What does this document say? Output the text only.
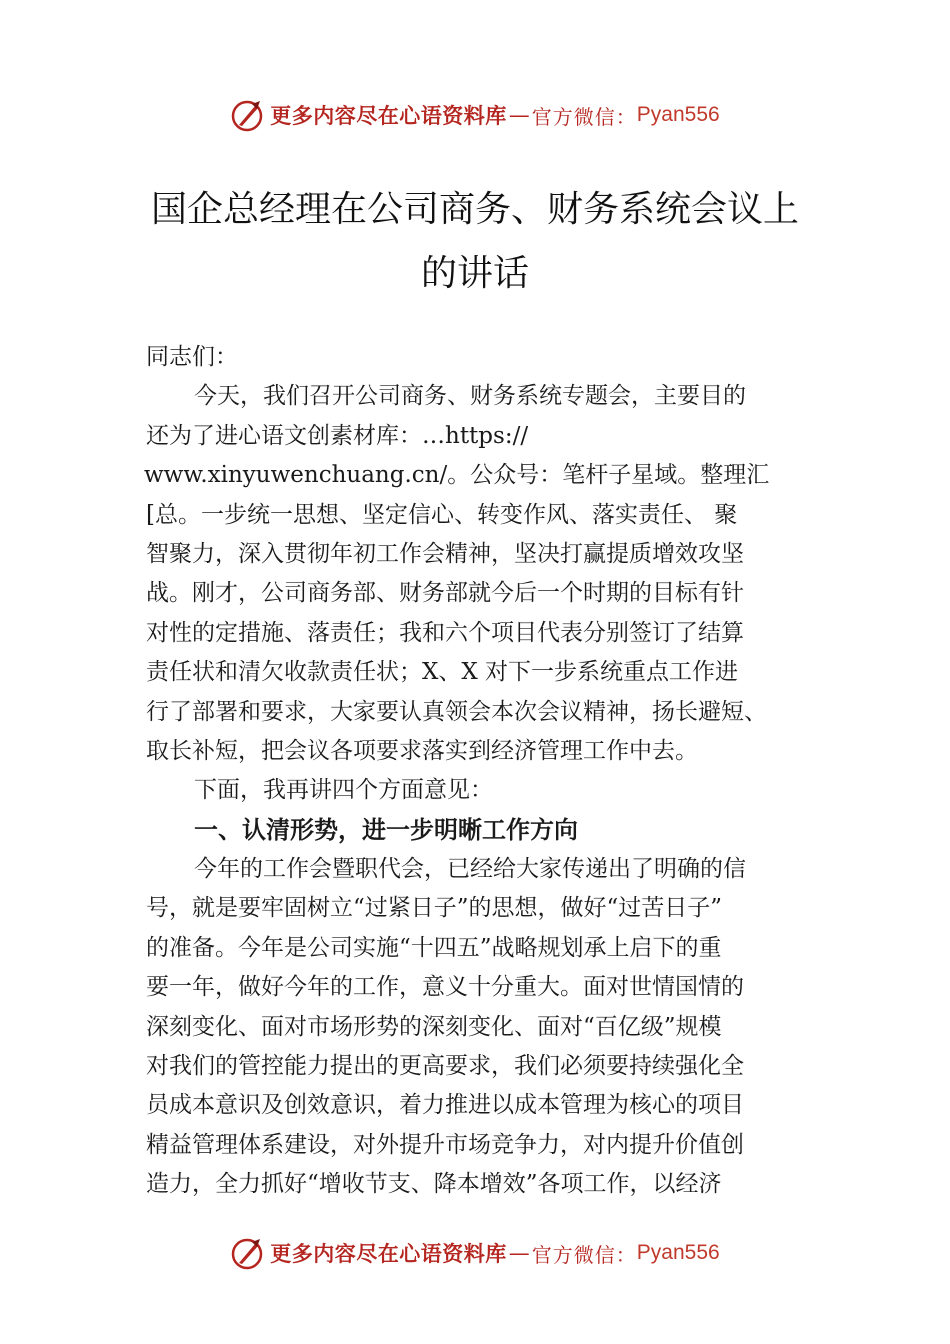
更多内容尽在心语资料库 — 官方微信： Pyan556
国企总经理在公司商务、财务系统会议上
的讲话
同志们：
今天，我们召开公司商务、财务系统专题会，主要目的
还为了进心语文创素材库：…https://
www.xinyuwenchuang.cn/。公众号：笔杆子星域。整理汇
[总。一步统一思想、坚定信心、转变作风、落实责任、 聚
智聚力，深入贯彻年初工作会精神，坚决打赢提质增效攻坚
战。刚才，公司商务部、财务部就今后一个时期的目标有针
对性的定措施、落责任；我和六个项目代表分别签订了结算
责任状和清欠收款责任状；X、X 对下一步系统重点工作进
行了部署和要求，大家要认真领会本次会议精神，扬长避短、
取长补短，把会议各项要求落实到经济管理工作中去。
下面，我再讲四个方面意见：
一、认清形势，进一步明晰工作方向
今年的工作会暨职代会，已经给大家传递出了明确的信
号，就是要牢固树立“过紧日子”的思想，做好“过苦日子”
的准备。今年是公司实施“十四五”战略规划承上启下的重
要一年，做好今年的工作，意义十分重大。面对世情国情的
深刻变化、面对市场形势的深刻变化、面对“百亿级”规模
对我们的管控能力提出的更高要求，我们必须要持续强化全
员成本意识及创效意识，着力推进以成本管理为核心的项目
精益管理体系建设，对外提升市场竞争力，对内提升价值创
造力，全力抓好“增收节支、降本增效”各项工作，以经济
更多内容尽在心语资料库 — 官方微信： Pyan556
